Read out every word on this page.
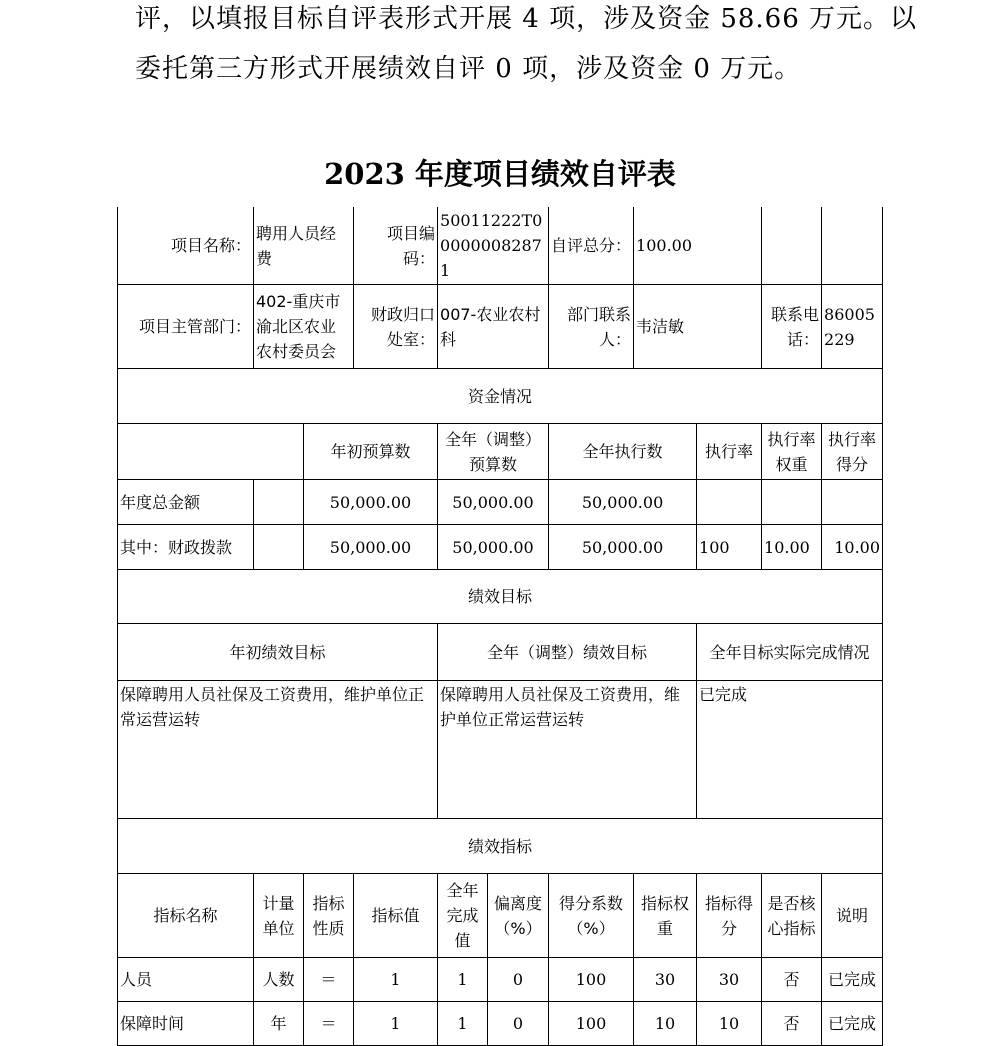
评，以填报目标自评表形式开展 4 项，涉及资金 58.66 万元。以
委托第三方形式开展绩效自评 0 项，涉及资金 0 万元。
2023 年度项目绩效自评表
项目名称：	聘用人员经费		项目编码：	50011222T000000082871		自评总分：	100.00			
项目主管部门：	402-重庆市渝北区农业农村委员会		财政归口处室：	007-农业农村科		部门联系人：	韦洁敏		联系电话：	86005229
资金情况										
		年初预算数		全年（调整）预算数		全年执行数		执行率	执行率权重	执行率得分
年度总金额		50,000.00		50,000.00		50,000.00				
其中：财政拨款		50,000.00		50,000.00		50,000.00		100	10.00	10.00
绩效目标										
年初绩效目标				全年（调整）绩效目标				全年目标实际完成情况		
保障聘用人员社保及工资费用，维护单位正常运营运转				保障聘用人员社保及工资费用，维护单位正常运营运转				已完成		
绩效指标										
指标名称	计量单位	指标性质	指标值	全年完成值	偏离度（%）	得分系数（%）	指标权重	指标得分	是否核心指标	说明
人员	人数	＝	1	1	0	100	30	30	否	已完成
保障时间	年	＝	1	1	0	100	10	10	否	已完成
